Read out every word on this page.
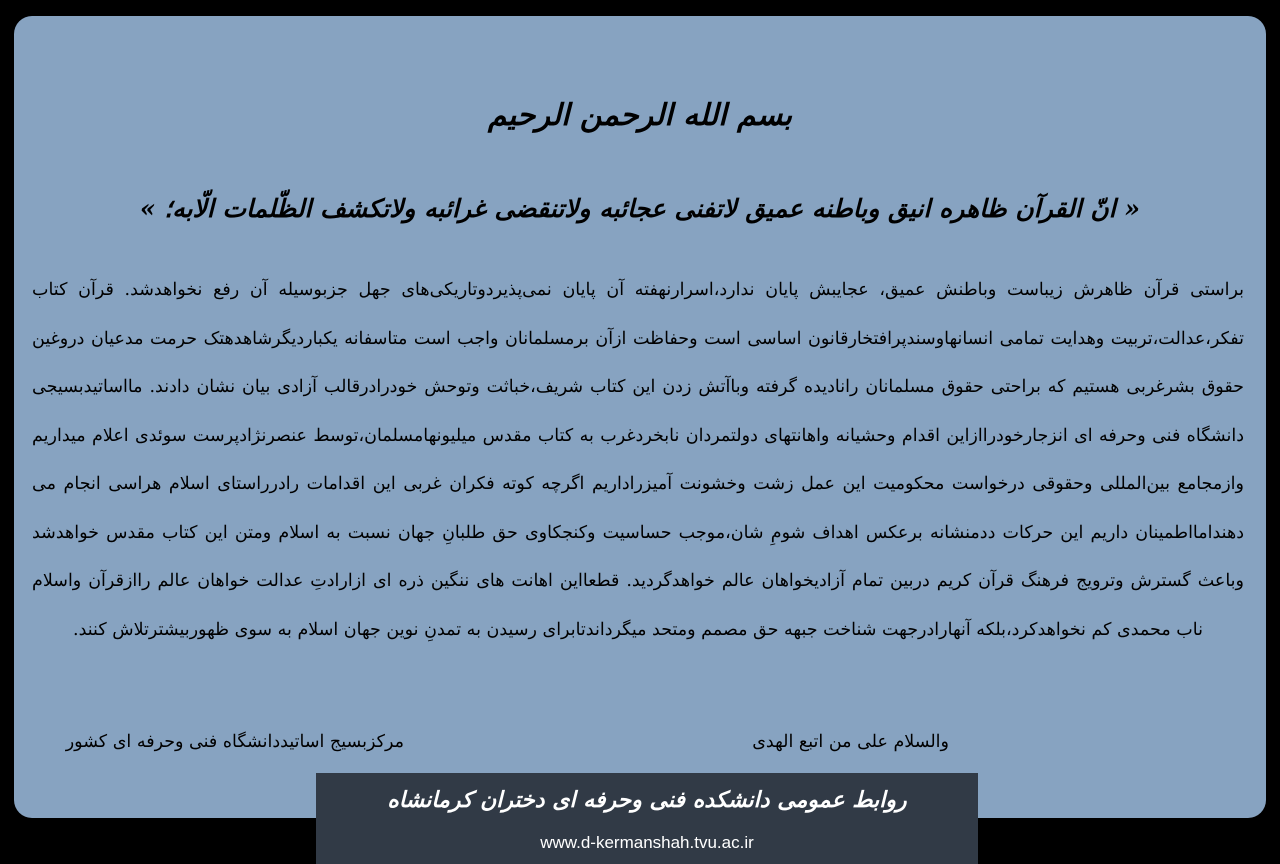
بسم الله الرحمن الرحیم
« انّ القرآن ظاهره انیق وباطنه عمیق لاتفنی عجائبه ولاتنقضی غرائبه ولاتکشف الظّلمات الّابه؛ »

براستی قرآن ظاهرش زیباست وباطنش عمیق، عجایبش پایان ندارد،اسرارنهفته آن پایان نمی‌پذیردوتاریکی‌های جهل جزبوسیله آن رفع نخواهدشد. قرآن کتاب تفکر،عدالت،تربیت وهدایت تمامی انسانهاوسندپرافتخارقانون اساسی است وحفاظت ازآن برمسلمانان واجب است متاسفانه یکباردیگرشاهدهتک حرمت مدعیان دروغین حقوق بشرغربی هستیم که براحتی حقوق مسلمانان رانادیده گرفته وباآتش زدن این کتاب شریف،خباثت وتوحش خودرادرقالب آزادی بیان نشان دادند. مااساتیدبسیجی دانشگاه فنی وحرفه ای انزجارخودراازاین اقدام وحشیانه واهانتهای دولتمردان نابخردغرب به کتاب مقدس میلیونهامسلمان،توسط عنصرنژادپرست سوئدی اعلام میداریم وازمجامع بین‌المللی وحقوقی درخواست محکومیت این عمل زشت وخشونت آمیزراداریم اگرچه کوته فکران غربی این اقدامات رادرراستای اسلام هراسی انجام می دهندامااطمینان داریم این حرکات ددمنشانه برعکس اهداف شومِ شان،موجب حساسیت وکنجکاوی حق طلبانِ جهان نسبت به اسلام ومتن این کتاب مقدس خواهدشد وباعث گسترش وترویج فرهنگ قرآن کریم دربین تمام آزادیخواهان عالم خواهدگردید. قطعااین اهانت های ننگین ذره ای ازارادتِ عدالت خواهان عالم راازقرآن واسلام ناب محمدی کم نخواهدکرد،بلکه آنهارادرجهت شناخت جبهه حق مصمم ومتحد میگرداندتابرای رسیدن به تمدنِ نوین جهان اسلام به سوی ظهوربیشترتلاش کنند.

والسلام علی من اتبع الهدی
مرکزبسیج اساتیددانشگاه فنی وحرفه ای کشور
روابط عمومی دانشکده فنی وحرفه ای دختران کرمانشاه
www.d-kermanshah.tvu.ac.ir
